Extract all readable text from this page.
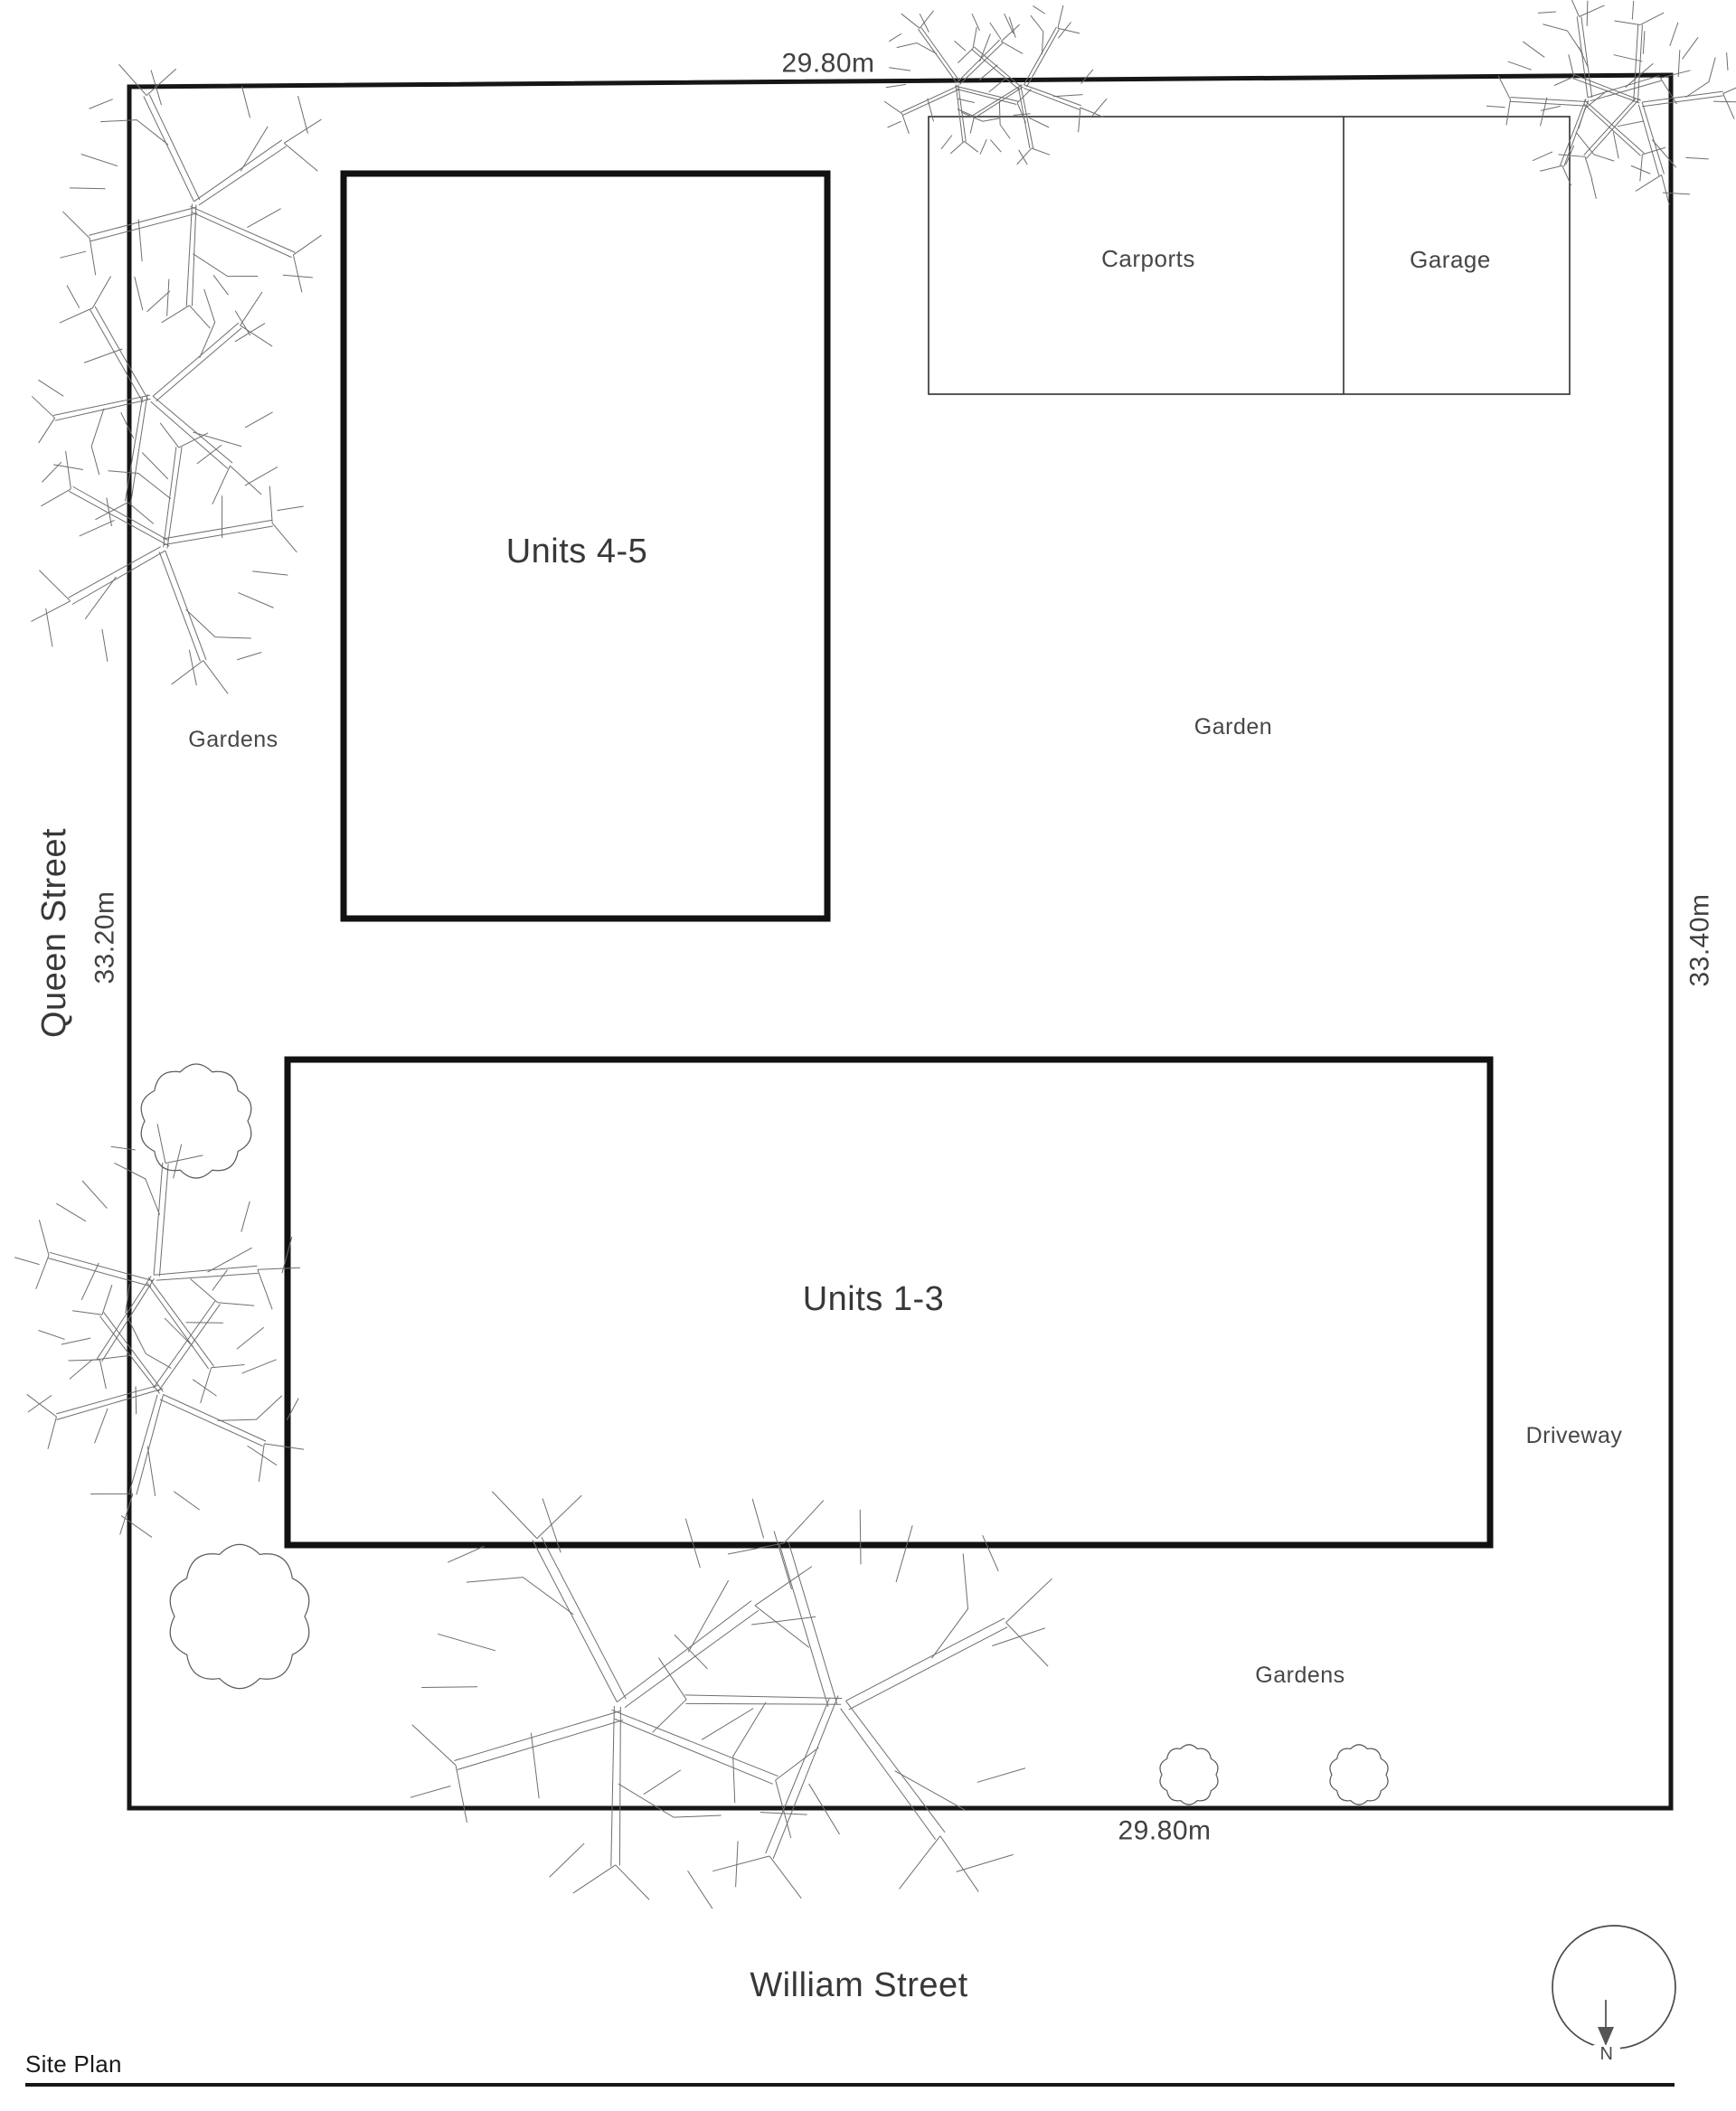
Units 4-5
Units 1-3
Carports	Garage
Gardens	Garden
Driveway
Gardens
29.80m
29.80m
33.20m	33.40m
Queen Street
William Street
N
Site Plan
